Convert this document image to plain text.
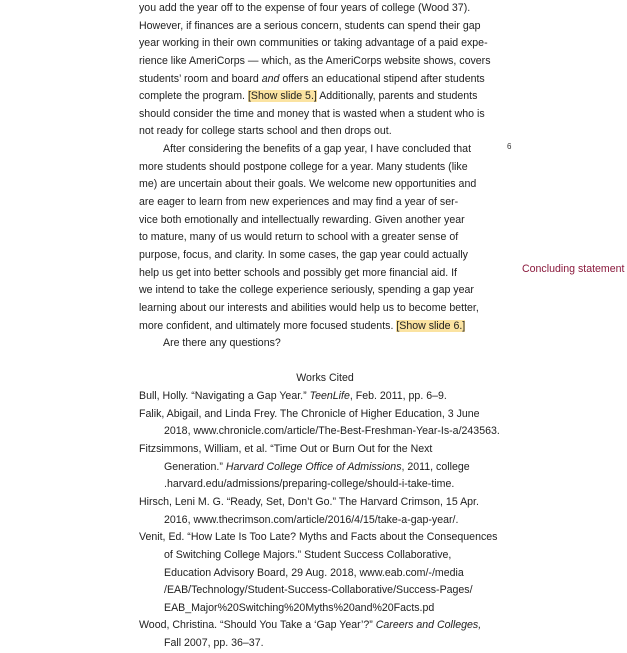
you add the year off to the expense of four years of college (Wood 37).
However, if finances are a serious concern, students can spend their gap
year working in their own communities or taking advantage of a paid expe-
rience like AmeriCorps — which, as the AmeriCorps website shows, covers
students’ room and board and offers an educational stipend after students
complete the program. [Show slide 5.] Additionally, parents and students
should consider the time and money that is wasted when a student who is
not ready for college starts school and then drops out.
After considering the benefits of a gap year, I have concluded that
more students should postpone college for a year. Many students (like
me) are uncertain about their goals. We welcome new opportunities and
are eager to learn from new experiences and may find a year of ser-
vice both emotionally and intellectually rewarding. Given another year
to mature, many of us would return to school with a greater sense of
purpose, focus, and clarity. In some cases, the gap year could actually
help us get into better schools and possibly get more financial aid. If
we intend to take the college experience seriously, spending a gap year
learning about our interests and abilities would help us to become better,
more confident, and ultimately more focused students. [Show slide 6.]
Are there any questions?
Works Cited
Bull, Holly. “Navigating a Gap Year.” TeenLife, Feb. 2011, pp. 6–9.
Falik, Abigail, and Linda Frey. The Chronicle of Higher Education, 3 June
2018, www.chronicle.com/article/The-Best-Freshman-Year-Is-a/243563.
Fitzsimmons, William, et al. “Time Out or Burn Out for the Next
Generation.” Harvard College Office of Admissions, 2011, college
.harvard.edu/admissions/preparing-college/should-i-take-time.
Hirsch, Leni M. G. “Ready, Set, Don’t Go.” The Harvard Crimson, 15 Apr.
2016, www.thecrimson.com/article/2016/4/15/take-a-gap-year/.
Venit, Ed. “How Late Is Too Late? Myths and Facts about the Consequences
of Switching College Majors.” Student Success Collaborative,
Education Advisory Board, 29 Aug. 2018, www.eab.com/-/media
/EAB/Technology/Student-Success-Collaborative/Success-Pages/
EAB_Major%20Switching%20Myths%20and%20Facts.pd
Wood, Christina. “Should You Take a ‘Gap Year’?” Careers and Colleges,
Fall 2007, pp. 36–37.
6
Concluding statement
